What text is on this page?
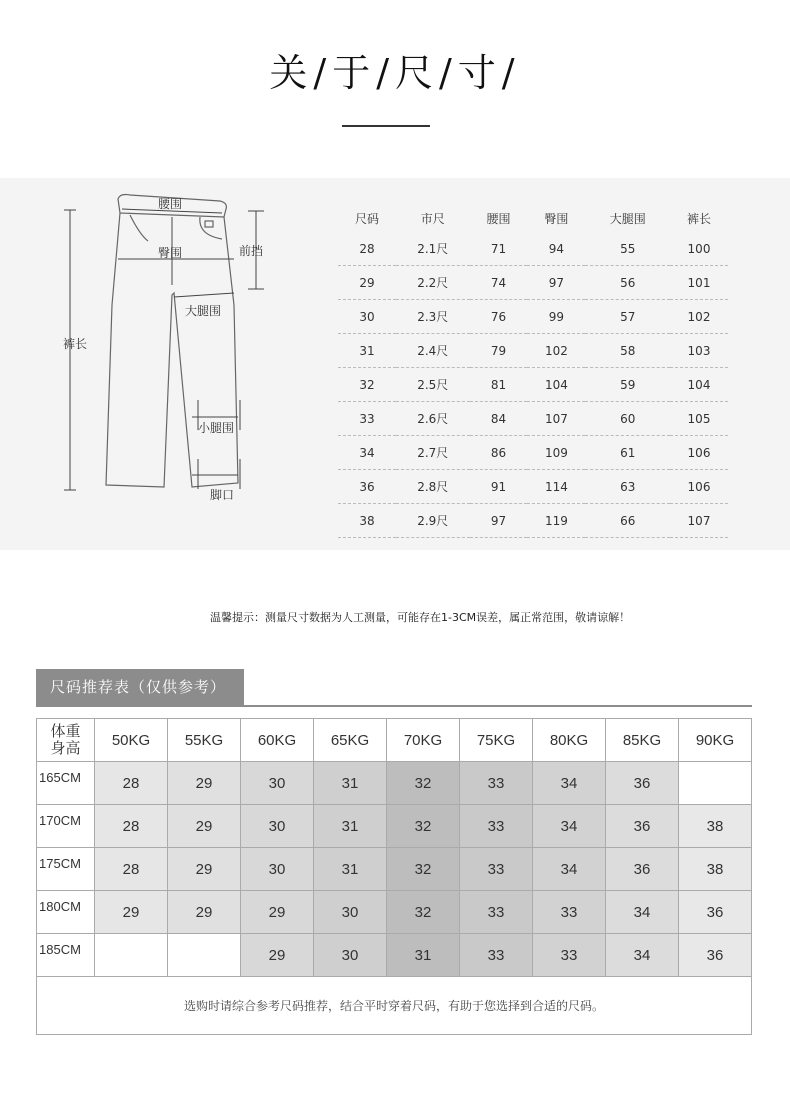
关/于/尺/寸/
腰围
臀围	前挡
大腿围
裤长
小腿围
脚口
尺码	市尺	腰围	臀围	大腿围	裤长
28	2.1尺	71	94	55	100
29	2.2尺	74	97	56	101
30	2.3尺	76	99	57	102
31	2.4尺	79	102	58	103
32	2.5尺	81	104	59	104
33	2.6尺	84	107	60	105
34	2.7尺	86	109	61	106
36	2.8尺	91	114	63	106
38	2.9尺	97	119	66	107
温馨提示：测量尺寸数据为人工测量，可能存在1-3CM误差，属正常范围，敬请谅解！
尺码推荐表（仅供参考）
体重
身高	50KG	55KG	60KG	65KG	70KG	75KG	80KG	85KG	90KG
165CM	28	29	30	31	32	33	34	36	
170CM	28	29	30	31	32	33	34	36	38
175CM	28	29	30	31	32	33	34	36	38
180CM	29	29	29	30	32	33	33	34	36
185CM			29	30	31	33	33	34	36
选购时请综合参考尺码推荐，结合平时穿着尺码，有助于您选择到合适的尺码。									
